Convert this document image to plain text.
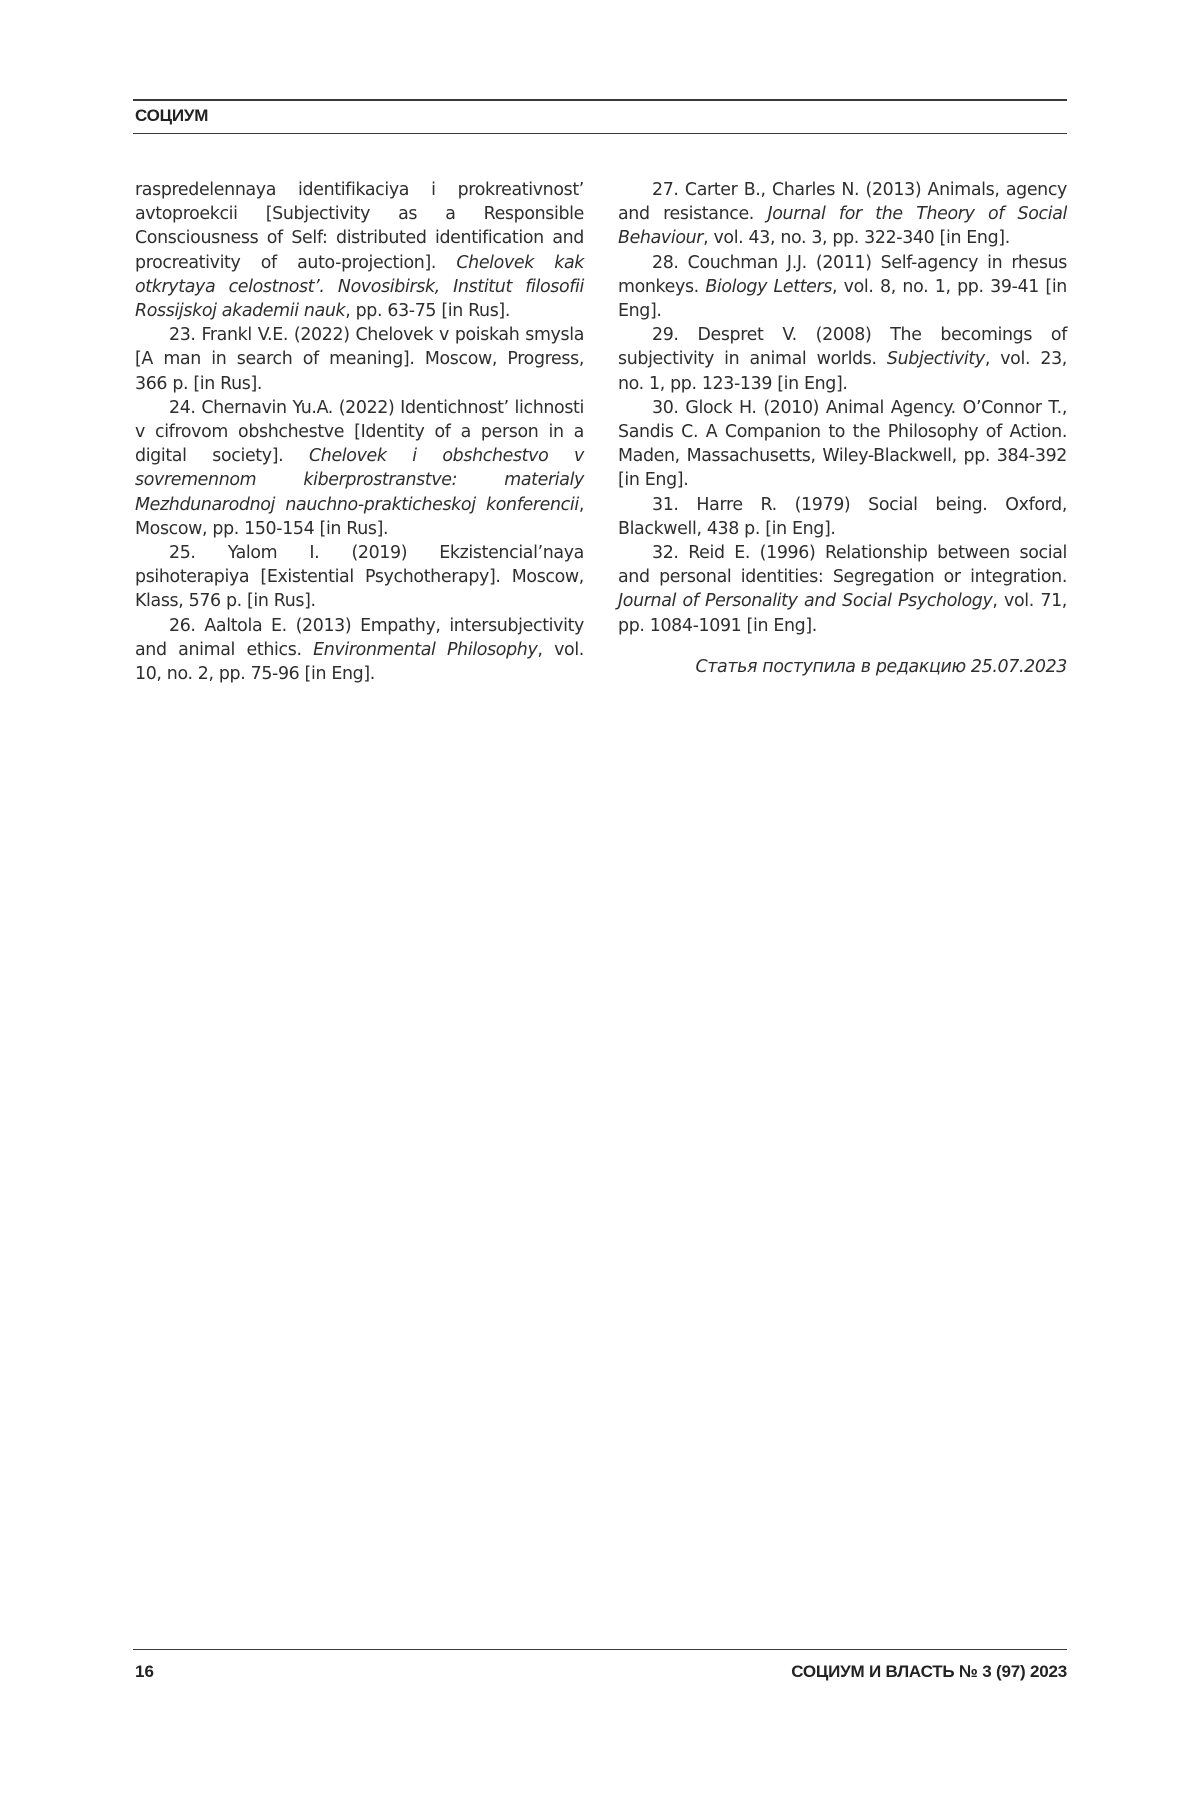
СОЦИУМ

raspredelennaya identifikaciya i prokreativnost’ avtoproekcii [Subjectivity as a Responsible Consciousness of Self: distributed identification and procreativity of auto-projection]. Chelovek kak otkrytaya celostnost’. Novosibirsk, Institut filosofii Rossijskoj akademii nauk, pp. 63-75 [in Rus].

23. Frankl V.E. (2022) Chelovek v poiskah smysla [A man in search of meaning]. Moscow, Progress, 366 p. [in Rus].

24. Chernavin Yu.A. (2022) Identichnost’ lichnosti v cifrovom obshchestve [Identity of a person in a digital society]. Chelovek i obshchestvo v sovremennom kiberprostranstve: materialy Mezhdunarodnoj nauchno-prakticheskoj konferencii, Moscow, pp. 150-154 [in Rus].

25. Yalom I. (2019) Ekzistencial’naya psihoterapiya [Existential Psychotherapy]. Moscow, Klass, 576 p. [in Rus].

26. Aaltola E. (2013) Empathy, intersubjectivity and animal ethics. Environmental Philosophy, vol. 10, no. 2, pp. 75-96 [in Eng].

27. Carter B., Charles N. (2013) Animals, agency and resistance. Journal for the Theory of Social Behaviour, vol. 43, no. 3, pp. 322-340 [in Eng].

28. Couchman J.J. (2011) Self-agency in rhesus monkeys. Biology Letters, vol. 8, no. 1, pp. 39-41 [in Eng].

29. Despret V. (2008) The becomings of subjectivity in animal worlds. Subjectivity, vol. 23, no. 1, pp. 123-139 [in Eng].

30. Glock H. (2010) Animal Agency. O’Connor T., Sandis C. A Companion to the Philosophy of Action. Maden, Massachusetts, Wiley-Blackwell, pp. 384-392 [in Eng].

31. Harre R. (1979) Social being. Oxford, Blackwell, 438 p. [in Eng].

32. Reid E. (1996) Relationship between social and personal identities: Segregation or integration. Journal of Personality and Social Psychology, vol. 71, pp. 1084-1091 [in Eng].

Статья поступила в редакцию 25.07.2023

16	СОЦИУМ И ВЛАСТЬ № 3 (97) 2023
